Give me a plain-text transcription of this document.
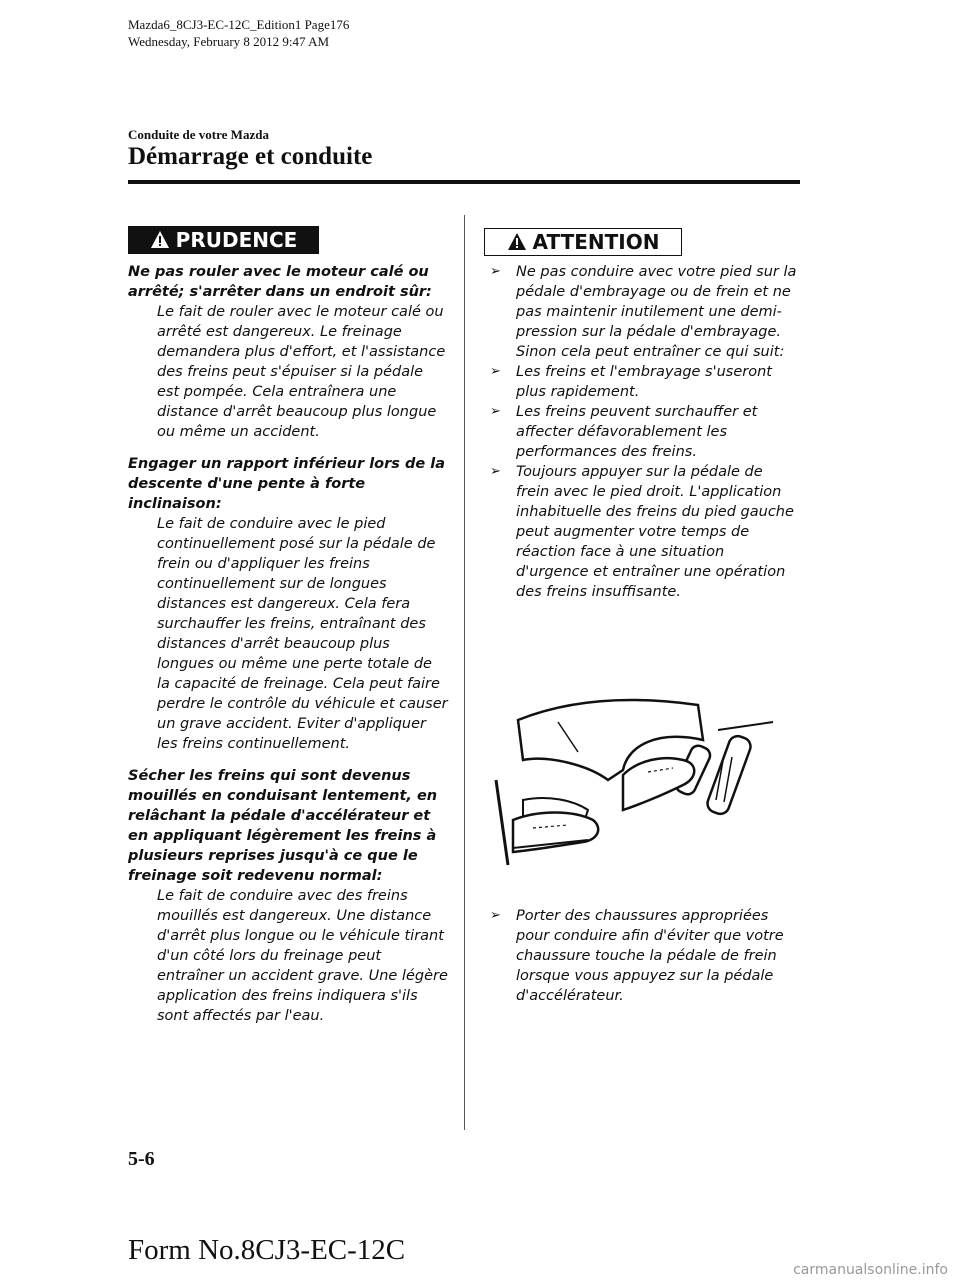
Mazda6_8CJ3-EC-12C_Edition1 Page176
Wednesday, February 8 2012 9:47 AM
Conduite de votre Mazda
Démarrage et conduite
PRUDENCE	ATTENTION
Ne pas rouler avec le moteur calé ou arrêté; s'arrêter dans un endroit sûr:
Le fait de rouler avec le moteur calé ou arrêté est dangereux. Le freinage demandera plus d'effort, et l'assistance des freins peut s'épuiser si la pédale est pompée. Cela entraînera une distance d'arrêt beaucoup plus longue ou même un accident.
Engager un rapport inférieur lors de la descente d'une pente à forte inclinaison:
Le fait de conduire avec le pied continuellement posé sur la pédale de frein ou d'appliquer les freins continuellement sur de longues distances est dangereux. Cela fera surchauffer les freins, entraînant des distances d'arrêt beaucoup plus longues ou même une perte totale de la capacité de freinage. Cela peut faire perdre le contrôle du véhicule et causer un grave accident. Eviter d'appliquer les freins continuellement.
Sécher les freins qui sont devenus mouillés en conduisant lentement, en relâchant la pédale d'accélérateur et en appliquant légèrement les freins à plusieurs reprises jusqu'à ce que le freinage soit redevenu normal:
Le fait de conduire avec des freins mouillés est dangereux. Une distance d'arrêt plus longue ou le véhicule tirant d'un côté lors du freinage peut entraîner un accident grave. Une légère application des freins indiquera s'ils sont affectés par l'eau.
➢ Ne pas conduire avec votre pied sur la pédale d'embrayage ou de frein et ne pas maintenir inutilement une demi-pression sur la pédale d'embrayage. Sinon cela peut entraîner ce qui suit:
➢ Les freins et l'embrayage s'useront plus rapidement.
➢ Les freins peuvent surchauffer et affecter défavorablement les performances des freins.
➢ Toujours appuyer sur la pédale de frein avec le pied droit. L'application inhabituelle des freins du pied gauche peut augmenter votre temps de réaction face à une situation d'urgence et entraîner une opération des freins insuffisante.
➢ Porter des chaussures appropriées pour conduire afin d'éviter que votre chaussure touche la pédale de frein lorsque vous appuyez sur la pédale d'accélérateur.
5-6
Form No.8CJ3-EC-12C
carmanualsonline.info
